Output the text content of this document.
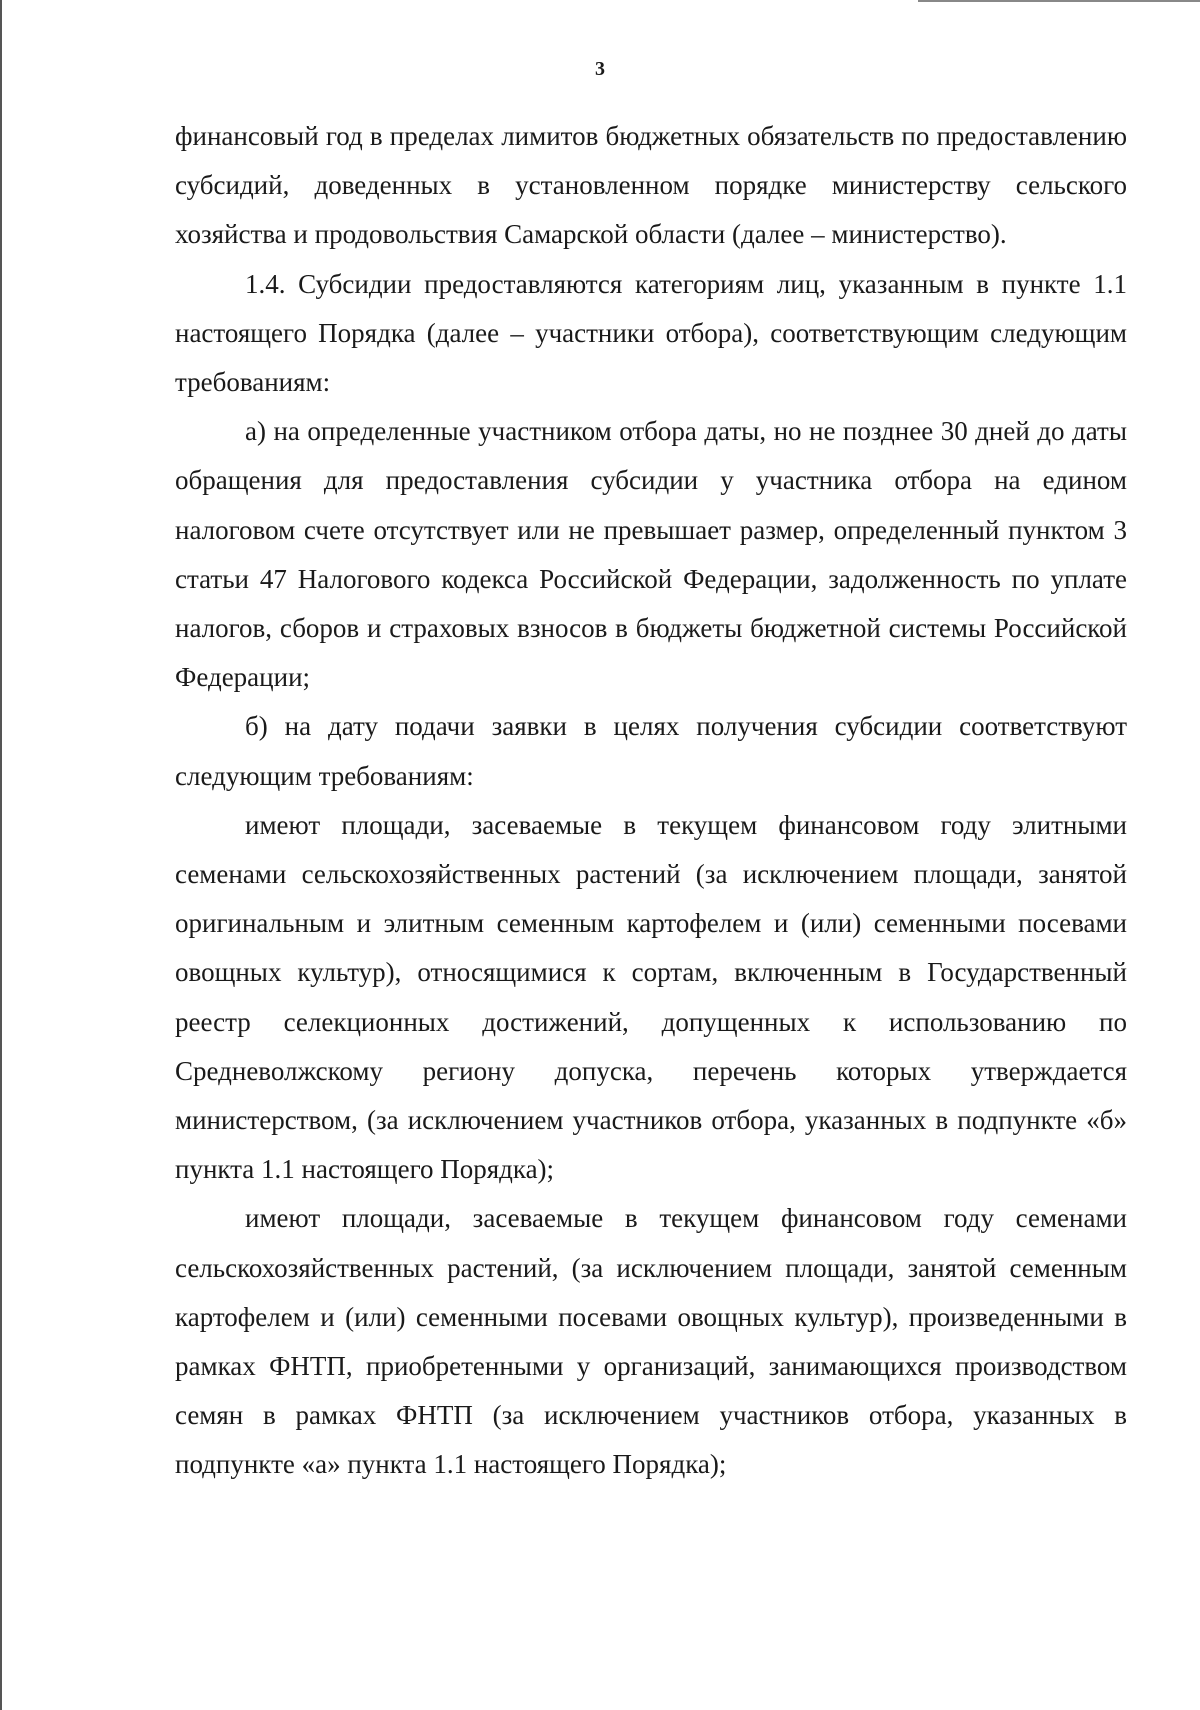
3

финансовый год в пределах лимитов бюджетных обязательств по предоставлению субсидий, доведенных в установленном порядке министерству сельского хозяйства и продовольствия Самарской области (далее – министерство).

1.4. Субсидии предоставляются категориям лиц, указанным в пункте 1.1 настоящего Порядка (далее – участники отбора), соответствующим следующим требованиям:

а) на определенные участником отбора даты, но не позднее 30 дней до даты обращения для предоставления субсидии у участника отбора на едином налоговом счете отсутствует или не превышает размер, определенный пунктом 3 статьи 47 Налогового кодекса Российской Федерации, задолженность по уплате налогов, сборов и страховых взносов в бюджеты бюджетной системы Российской Федерации;

б) на дату подачи заявки в целях получения субсидии соответствуют следующим требованиям:

имеют площади, засеваемые в текущем финансовом году элитными семенами сельскохозяйственных растений (за исключением площади, занятой оригинальным и элитным семенным картофелем и (или) семенными посевами овощных культур), относящимися к сортам, включенным в Государственный реестр селекционных достижений, допущенных к использованию по Средневолжскому региону допуска, перечень которых утверждается министерством, (за исключением участников отбора, указанных в подпункте «б» пункта 1.1 настоящего Порядка);

имеют площади, засеваемые в текущем финансовом году семенами сельскохозяйственных растений, (за исключением площади, занятой семенным картофелем и (или) семенными посевами овощных культур), произведенными в рамках ФНТП, приобретенными у организаций, занимающихся производством семян в рамках ФНТП (за исключением участников отбора, указанных в подпункте «а» пункта 1.1 настоящего Порядка);
